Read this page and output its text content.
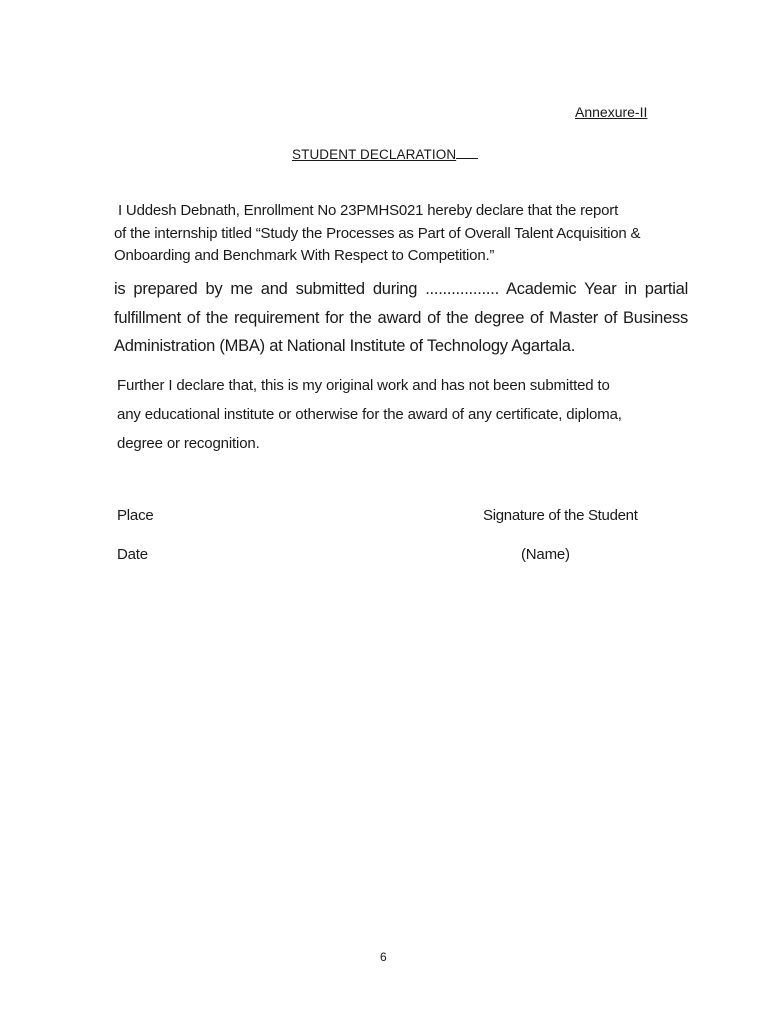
Annexure-II
STUDENT DECLARATION
I Uddesh Debnath, Enrollment No 23PMHS021 hereby declare that the report
of the internship titled “Study the Processes as Part of Overall Talent Acquisition &
Onboarding and Benchmark With Respect to Competition.”
is prepared by me and submitted during ................. Academic Year in partial
fulfillment of the requirement for the award of the degree of Master of Business
Administration (MBA) at National Institute of Technology Agartala.
Further I declare that, this is my original work and has not been submitted to
any educational institute or otherwise for the award of any certificate, diploma,
degree or recognition.
Place
Date
Signature of the Student
(Name)
6
